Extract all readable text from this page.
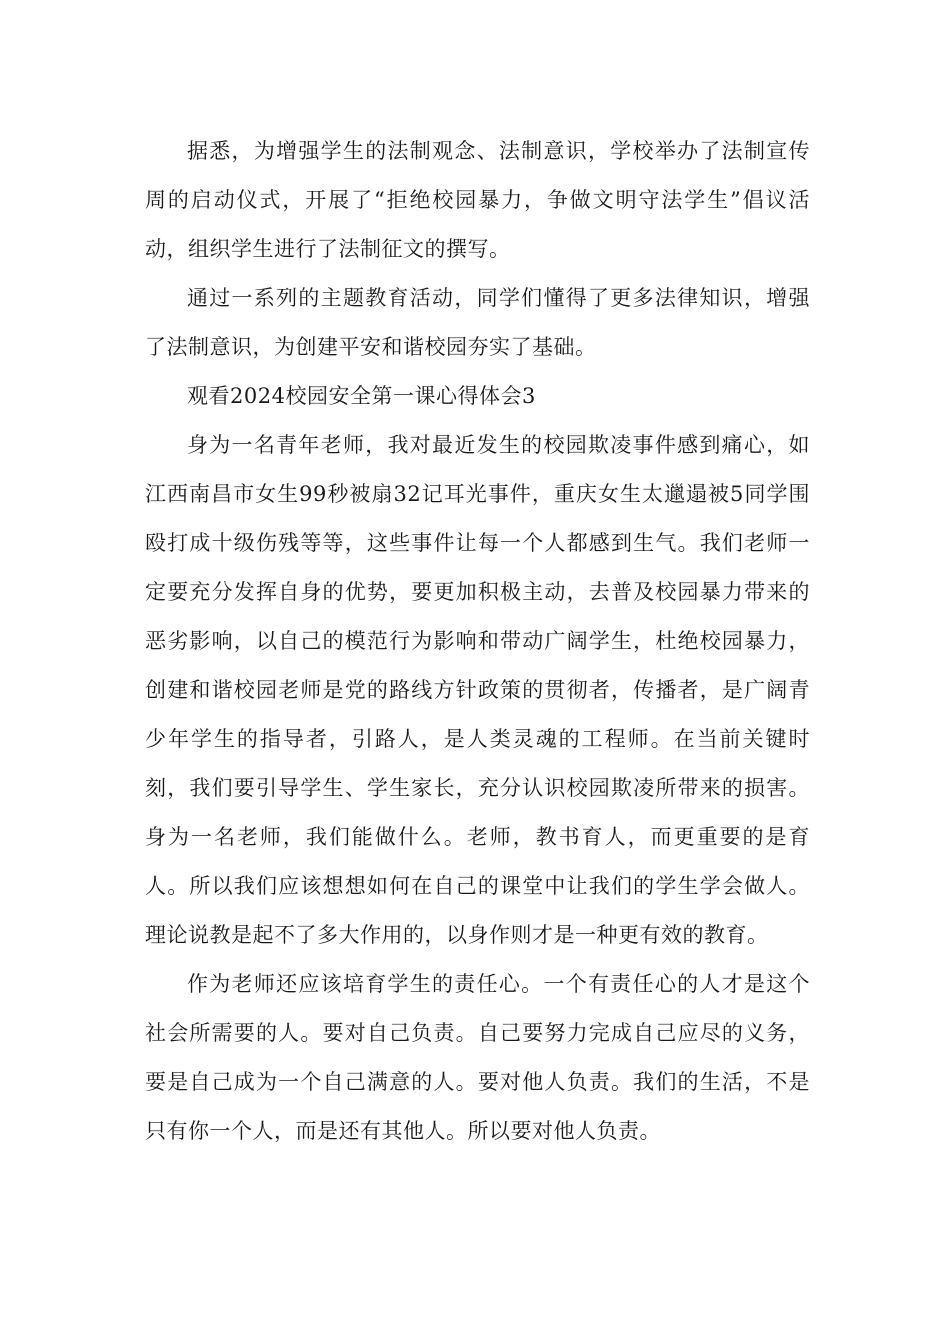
据悉，为增强学生的法制观念、法制意识，学校举办了法制宣传周的启动仪式，开展了“拒绝校园暴力，争做文明守法学生”倡议活动，组织学生进行了法制征文的撰写。

通过一系列的主题教育活动，同学们懂得了更多法律知识，增强了法制意识，为创建平安和谐校园夯实了基础。

观看2024校园安全第一课心得体会3

身为一名青年老师，我对最近发生的校园欺凌事件感到痛心，如江西南昌市女生99秒被扇32记耳光事件，重庆女生太邋遢被5同学围殴打成十级伤残等等，这些事件让每一个人都感到生气。我们老师一定要充分发挥自身的优势，要更加积极主动，去普及校园暴力带来的恶劣影响，以自己的模范行为影响和带动广阔学生，杜绝校园暴力，创建和谐校园老师是党的路线方针政策的贯彻者，传播者，是广阔青少年学生的指导者，引路人，是人类灵魂的工程师。在当前关键时刻，我们要引导学生、学生家长，充分认识校园欺凌所带来的损害。身为一名老师，我们能做什么。老师，教书育人，而更重要的是育人。所以我们应该想想如何在自己的课堂中让我们的学生学会做人。理论说教是起不了多大作用的，以身作则才是一种更有效的教育。

作为老师还应该培育学生的责任心。一个有责任心的人才是这个社会所需要的人。要对自己负责。自己要努力完成自己应尽的义务，要是自己成为一个自己满意的人。要对他人负责。我们的生活，不是只有你一个人，而是还有其他人。所以要对他人负责。
